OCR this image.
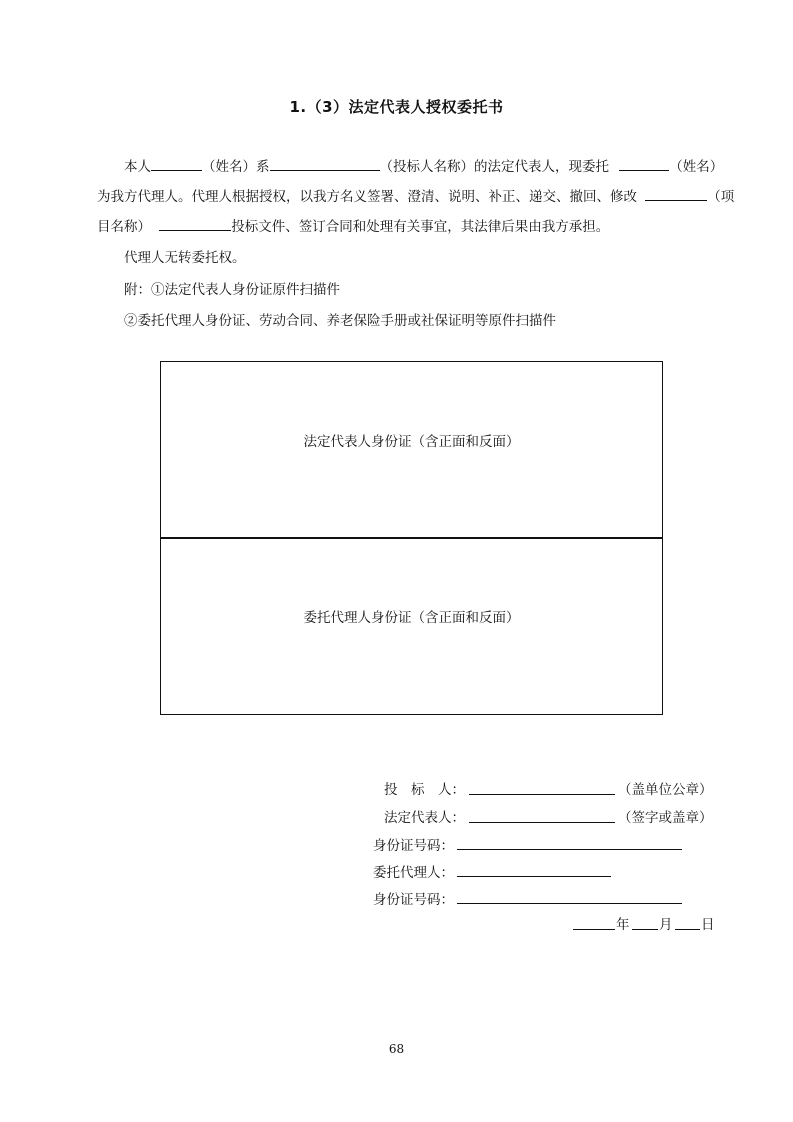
1.（3）法定代表人授权委托书
本人	（姓名）系	（投标人名称）的法定代表人，现委托	（姓名）
为我方代理人。代理人根据授权，以我方名义签署、澄清、说明、补正、递交、撤回、修改	（项
目名称）	投标文件、签订合同和处理有关事宜，其法律后果由我方承担。
代理人无转委托权。
附：①法定代表人身份证原件扫描件
②委托代理人身份证、劳动合同、养老保险手册或社保证明等原件扫描件
法定代表人身份证（含正面和反面）
委托代理人身份证（含正面和反面）
投　标　人：	（盖单位公章）
法定代表人：	（签字或盖章）
身份证号码：
委托代理人：
身份证号码：
年 月 日
68
